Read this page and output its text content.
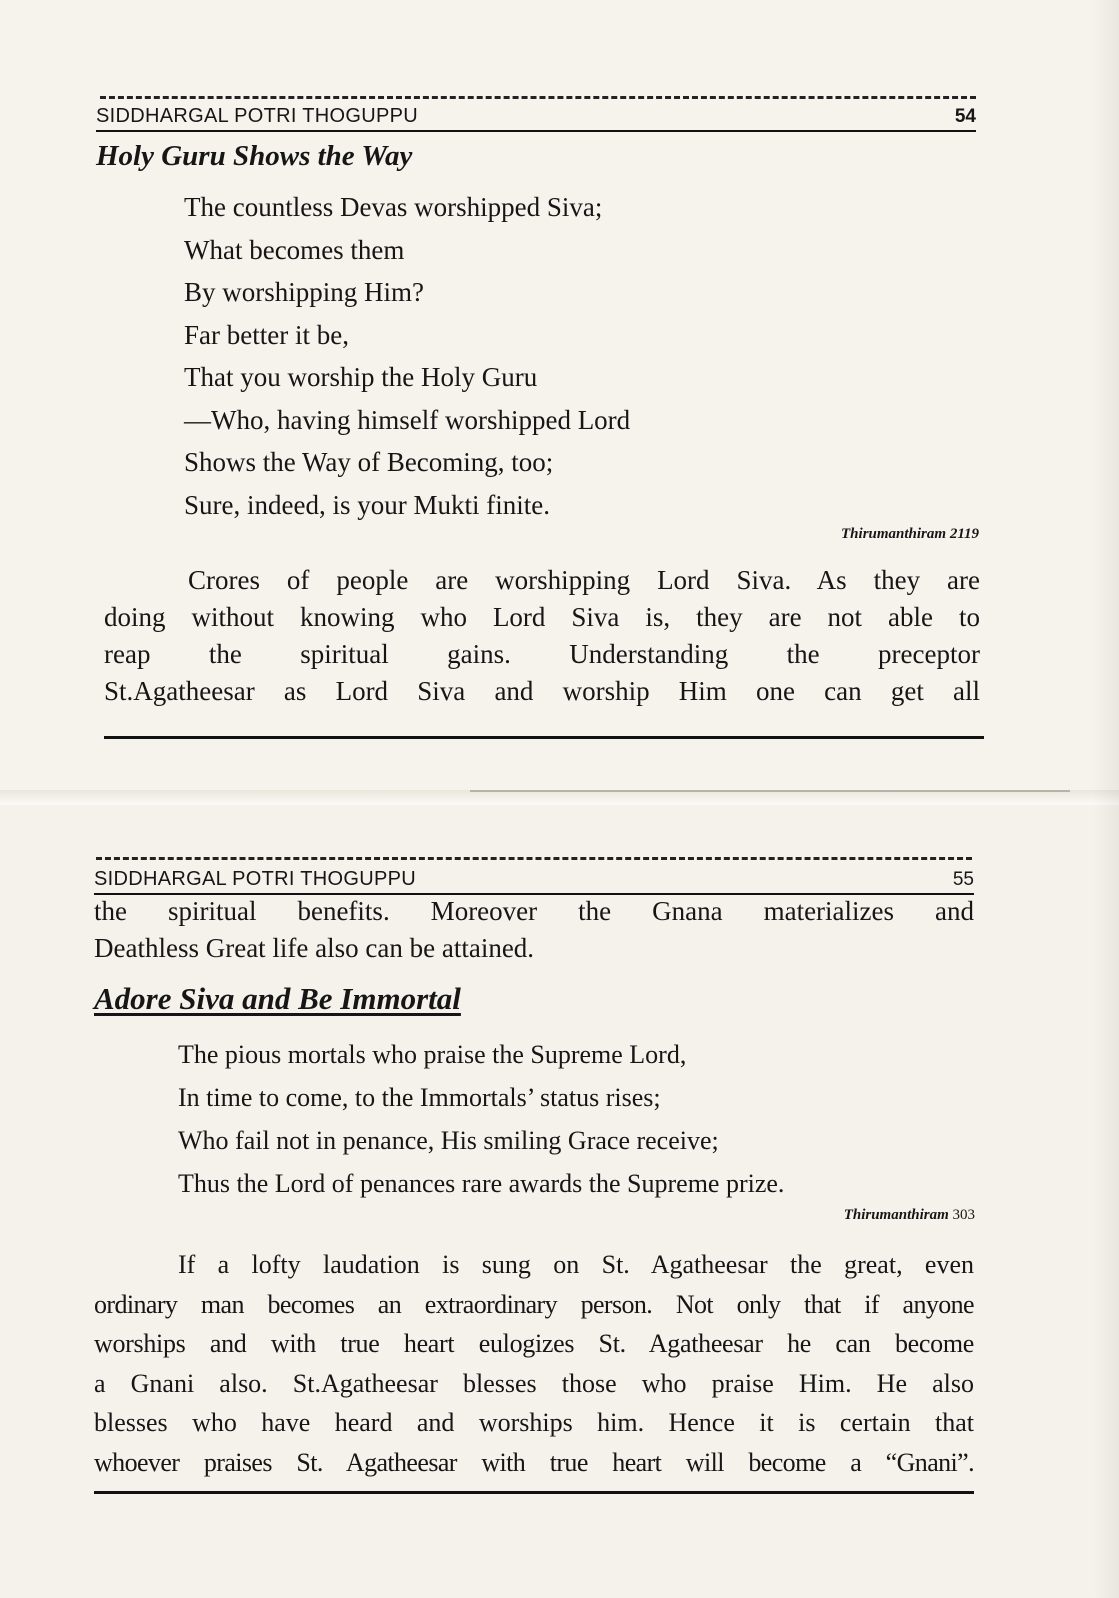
SIDDHARGAL POTRI THOGUPPU	54
Holy Guru Shows the Way
The countless Devas worshipped Siva;
What becomes them
By worshipping Him?
Far better it be,
That you worship the Holy Guru
—Who, having himself worshipped Lord
Shows the Way of Becoming, too;
Sure, indeed, is your Mukti finite.
Thirumanthiram 2119
Crores of people are worshipping Lord Siva. As they are
doing without knowing who Lord Siva is, they are not able to
reap the spiritual gains. Understanding the preceptor
St.Agatheesar as Lord Siva and worship Him one can get all
SIDDHARGAL POTRI THOGUPPU	55
the spiritual benefits. Moreover the Gnana materializes and
Deathless Great life also can be attained.
Adore Siva and Be Immortal
The pious mortals who praise the Supreme Lord,
In time to come, to the Immortals’ status rises;
Who fail not in penance, His smiling Grace receive;
Thus the Lord of penances rare awards the Supreme prize.
Thirumanthiram 303
If a lofty laudation is sung on St. Agatheesar the great, even
ordinary man becomes an extraordinary person. Not only that if anyone
worships and with true heart eulogizes St. Agatheesar he can become
a Gnani also. St.Agatheesar blesses those who praise Him. He also
blesses who have heard and worships him. Hence it is certain that
whoever praises St. Agatheesar with true heart will become a “Gnani”.
